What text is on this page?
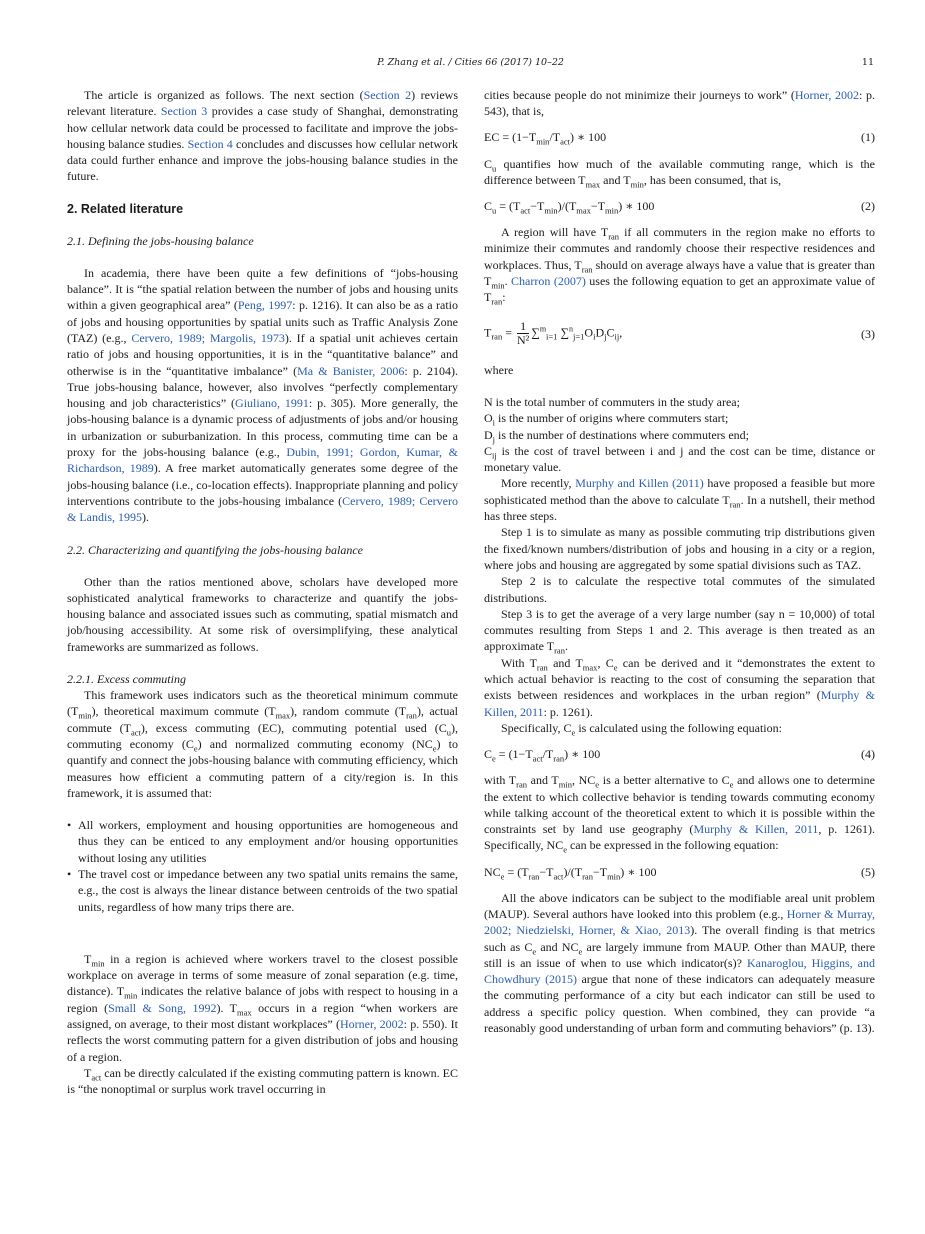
P. Zhang et al. / Cities 66 (2017) 10–22	11

The article is organized as follows. The next section (Section 2) reviews relevant literature. Section 3 provides a case study of Shanghai, demonstrating how cellular network data could be processed to facilitate and improve the jobs-housing balance studies. Section 4 concludes and discusses how cellular network data could further enhance and improve the jobs-housing balance studies in the future.

2. Related literature
2.1. Defining the jobs-housing balance

In academia, there have been quite a few definitions of “jobs-housing balance”. It is “the spatial relation between the number of jobs and housing units within a given geographical area” (Peng, 1997: p. 1216). It can also be as a ratio of jobs and housing opportunities by spatial units such as Traffic Analysis Zone (TAZ) (e.g., Cervero, 1989; Margolis, 1973). If a spatial unit achieves certain ratio of jobs and housing opportunities, it is in the “quantitative balance” and otherwise is in the “quantitative imbalance” (Ma & Banister, 2006: p. 2104). True jobs-housing balance, however, also involves “perfectly complementary housing and job characteristics” (Giuliano, 1991: p. 305). More generally, the jobs-housing balance is a dynamic process of adjustments of jobs and/or housing in urbanization or suburbanization. In this process, commuting time can be a proxy for the jobs-housing balance (e.g., Dubin, 1991; Gordon, Kumar, & Richardson, 1989). A free market automatically generates some degree of the jobs-housing balance (i.e., co-location effects). Inappropriate planning and policy interventions contribute to the jobs-housing imbalance (Cervero, 1989; Cervero & Landis, 1995).

2.2. Characterizing and quantifying the jobs-housing balance

Other than the ratios mentioned above, scholars have developed more sophisticated analytical frameworks to characterize and quantify the jobs-housing balance and associated issues such as commuting, spatial mismatch and job/housing accessibility. At some risk of oversimplifying, these analytical frameworks are summarized as follows.

2.2.1. Excess commuting

This framework uses indicators such as the theoretical minimum commute $(T_{min})$, theoretical maximum commute $(T_{max})$, random commute $(T_{ran})$, actual commute $(T_{act})$, excess commuting (EC), commuting potential used $(C_u)$, commuting economy $(C_e)$ and normalized commuting economy $(NC_e)$ to quantify and connect the jobs-housing balance with commuting efficiency, which measures how efficient a commuting pattern of a city/region is. In this framework, it is assumed that:

• All workers, employment and housing opportunities are homogeneous and thus they can be enticed to any employment and/or housing opportunities without losing any utilities
• The travel cost or impedance between any two spatial units remains the same, e.g., the cost is always the linear distance between centroids of the two spatial units, regardless of how many trips there are.

$T_{min}$ in a region is achieved where workers travel to the closest possible workplace on average in terms of some measure of zonal separation (e.g. time, distance). $T_{min}$ indicates the relative balance of jobs with respect to housing in a region (Small & Song, 1992). $T_{max}$ occurs in a region “when workers are assigned, on average, to their most distant workplaces” (Horner, 2002: p. 550). It reflects the worst commuting pattern for a given distribution of jobs and housing of a region.

$T_{act}$ can be directly calculated if the existing commuting pattern is known. EC is “the nonoptimal or surplus work travel occurring in

cities because people do not minimize their journeys to work” (Horner, 2002: p. 543), that is,

EC = $(1-T_{min}/T_{act})$ ∗ 100	(1)

$C_u$ quantifies how much of the available commuting range, which is the difference between $T_{max}$ and $T_{min}$, has been consumed, that is,

$C_u = (T_{act}-T_{min})/(T_{max}-T_{min})$ ∗ 100	(2)

A region will have $T_{ran}$ if all commuters in the region make no efforts to minimize their commutes and randomly choose their respective residences and workplaces. Thus, $T_{ran}$ should on average always have a value that is greater than $T_{min}$. Charron (2007) uses the following equation to get an approximate value of $T_{ran}$:

$T_{ran} = \frac{1}{\text{N²}} \sum^m_{i=1}$ $\sum^n_{j=1}O_iD_jC_{ij}$,	(3)

where

N is the total number of commuters in the study area;

$O_i$ is the number of origins where commuters start;

$D_j$ is the number of destinations where commuters end;

$C_{ij}$ is the cost of travel between i and j and the cost can be time, distance or monetary value.

More recently, Murphy and Killen (2011) have proposed a feasible but more sophisticated method than the above to calculate $T_{ran}$. In a nutshell, their method has three steps.

Step 1 is to simulate as many as possible commuting trip distributions given the fixed/known numbers/distribution of jobs and housing in a city or a region, where jobs and housing are aggregated by some spatial divisions such as TAZ.

Step 2 is to calculate the respective total commutes of the simulated distributions.

Step 3 is to get the average of a very large number (say n = 10,000) of total commutes resulting from Steps 1 and 2. This average is then treated as an approximate $T_{ran}$.

With $T_{ran}$ and $T_{max}$, $C_e$ can be derived and it “demonstrates the extent to which actual behavior is reacting to the cost of consuming the separation that exists between residences and workplaces in the urban region” (Murphy & Killen, 2011: p. 1261).

Specifically, $C_e$ is calculated using the following equation:

$C_e = (1-T_{act}/T_{ran})$ ∗ 100	(4)

with $T_{ran}$ and $T_{min}$, $NC_e$ is a better alternative to $C_e$ and allows one to determine the extent to which collective behavior is tending towards commuting economy while talking account of the theoretical extent to which it is possible within the constraints set by land use geography (Murphy & Killen, 2011, p. 1261). Specifically, $NC_e$ can be expressed in the following equation:

$NC_e = (T_{ran}-T_{act})/(T_{ran}-T_{min})$ ∗ 100	(5)

All the above indicators can be subject to the modifiable areal unit problem (MAUP). Several authors have looked into this problem (e.g., Horner & Murray, 2002; Niedzielski, Horner, & Xiao, 2013). The overall finding is that metrics such as $C_e$ and $NC_e$ are largely immune from MAUP. Other than MAUP, there still is an issue of when to use which indicator(s)? Kanaroglou, Higgins, and Chowdhury (2015) argue that none of these indicators can adequately measure the commuting performance of a city but each indicator can still be used to address a specific policy question. When combined, they can provide “a reasonably good understanding of urban form and commuting behaviors” (p. 13).
